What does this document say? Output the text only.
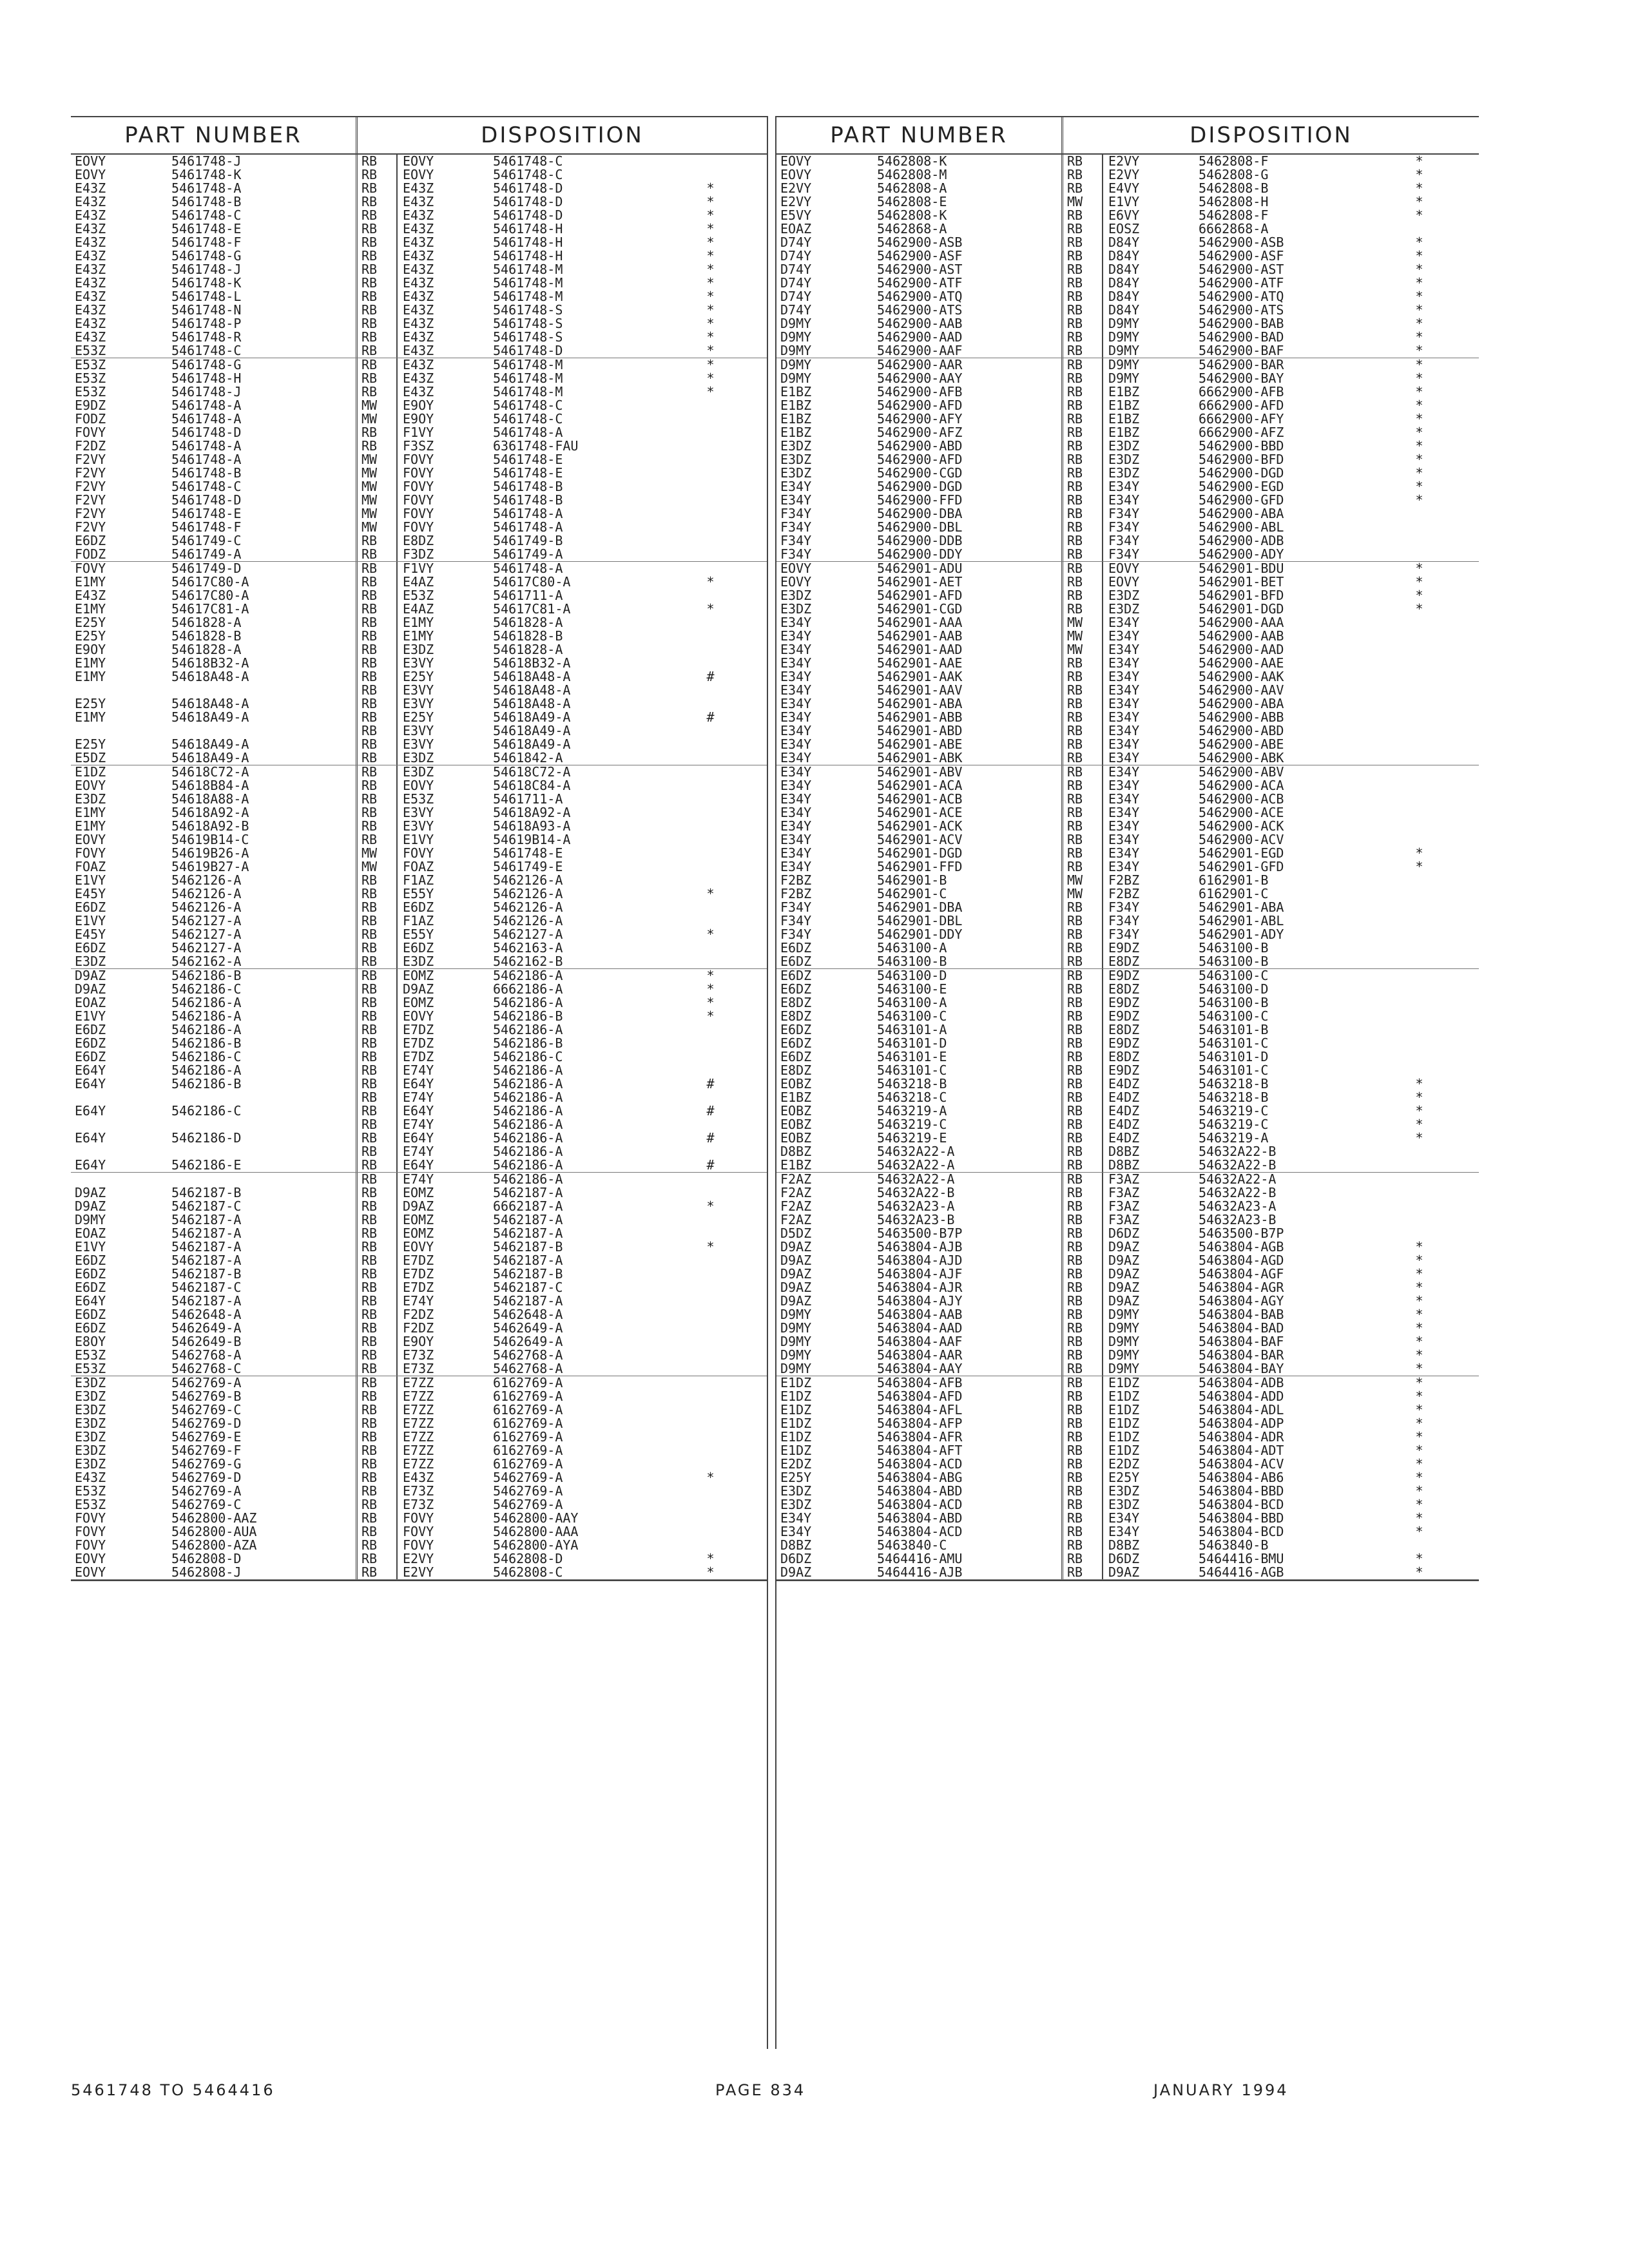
PART NUMBER	DISPOSITION
EOVY	5461748-J	RB	EOVY	5461748-C
EOVY	5461748-K	RB	EOVY	5461748-C
E43Z	5461748-A	RB	E43Z	5461748-D	*
E43Z	5461748-B	RB	E43Z	5461748-D	*
E43Z	5461748-C	RB	E43Z	5461748-D	*
E43Z	5461748-E	RB	E43Z	5461748-H	*
E43Z	5461748-F	RB	E43Z	5461748-H	*
E43Z	5461748-G	RB	E43Z	5461748-H	*
E43Z	5461748-J	RB	E43Z	5461748-M	*
E43Z	5461748-K	RB	E43Z	5461748-M	*
E43Z	5461748-L	RB	E43Z	5461748-M	*
E43Z	5461748-N	RB	E43Z	5461748-S	*
E43Z	5461748-P	RB	E43Z	5461748-S	*
E43Z	5461748-R	RB	E43Z	5461748-S	*
E53Z	5461748-C	RB	E43Z	5461748-D	*
E53Z	5461748-G	RB	E43Z	5461748-M	*
E53Z	5461748-H	RB	E43Z	5461748-M	*
E53Z	5461748-J	RB	E43Z	5461748-M	*
E9DZ	5461748-A	MW	E9OY	5461748-C
FODZ	5461748-A	MW	E9OY	5461748-C
FOVY	5461748-D	RB	F1VY	5461748-A
F2DZ	5461748-A	RB	F3SZ	6361748-FAU
F2VY	5461748-A	MW	FOVY	5461748-E
F2VY	5461748-B	MW	FOVY	5461748-E
F2VY	5461748-C	MW	FOVY	5461748-B
F2VY	5461748-D	MW	FOVY	5461748-B
F2VY	5461748-E	MW	FOVY	5461748-A
F2VY	5461748-F	MW	FOVY	5461748-A
E6DZ	5461749-C	RB	E8DZ	5461749-B
FODZ	5461749-A	RB	F3DZ	5461749-A
FOVY	5461749-D	RB	F1VY	5461748-A
E1MY	54617C80-A	RB	E4AZ	54617C80-A	*
E43Z	54617C80-A	RB	E53Z	5461711-A
E1MY	54617C81-A	RB	E4AZ	54617C81-A	*
E25Y	5461828-A	RB	E1MY	5461828-A
E25Y	5461828-B	RB	E1MY	5461828-B
E9OY	5461828-A	RB	E3DZ	5461828-A
E1MY	54618B32-A	RB	E3VY	54618B32-A
E1MY	54618A48-A	RB	E25Y	54618A48-A	#
RB	E3VY	54618A48-A
E25Y	54618A48-A	RB	E3VY	54618A48-A
E1MY	54618A49-A	RB	E25Y	54618A49-A	#
RB	E3VY	54618A49-A
E25Y	54618A49-A	RB	E3VY	54618A49-A
E5DZ	54618A49-A	RB	E3DZ	5461842-A
E1DZ	54618C72-A	RB	E3DZ	54618C72-A
EOVY	54618B84-A	RB	EOVY	54618C84-A
E3DZ	54618A88-A	RB	E53Z	5461711-A
E1MY	54618A92-A	RB	E3VY	54618A92-A
E1MY	54618A92-B	RB	E3VY	54618A93-A
EOVY	54619B14-C	RB	E1VY	54619B14-A
FOVY	54619B26-A	MW	FOVY	5461748-E
FOAZ	54619B27-A	MW	FOAZ	5461749-E
E1VY	5462126-A	RB	F1AZ	5462126-A
E45Y	5462126-A	RB	E55Y	5462126-A	*
E6DZ	5462126-A	RB	E6DZ	5462126-A
E1VY	5462127-A	RB	F1AZ	5462126-A
E45Y	5462127-A	RB	E55Y	5462127-A	*
E6DZ	5462127-A	RB	E6DZ	5462163-A
E3DZ	5462162-A	RB	E3DZ	5462162-B
D9AZ	5462186-B	RB	EOMZ	5462186-A	*
D9AZ	5462186-C	RB	D9AZ	6662186-A	*
EOAZ	5462186-A	RB	EOMZ	5462186-A	*
E1VY	5462186-A	RB	EOVY	5462186-B	*
E6DZ	5462186-A	RB	E7DZ	5462186-A
E6DZ	5462186-B	RB	E7DZ	5462186-B
E6DZ	5462186-C	RB	E7DZ	5462186-C
E64Y	5462186-A	RB	E74Y	5462186-A
E64Y	5462186-B	RB	E64Y	5462186-A	#
RB	E74Y	5462186-A
E64Y	5462186-C	RB	E64Y	5462186-A	#
RB	E74Y	5462186-A
E64Y	5462186-D	RB	E64Y	5462186-A	#
RB	E74Y	5462186-A
E64Y	5462186-E	RB	E64Y	5462186-A	#
RB	E74Y	5462186-A
D9AZ	5462187-B	RB	EOMZ	5462187-A
D9AZ	5462187-C	RB	D9AZ	6662187-A	*
D9MY	5462187-A	RB	EOMZ	5462187-A
EOAZ	5462187-A	RB	EOMZ	5462187-A
E1VY	5462187-A	RB	EOVY	5462187-B	*
E6DZ	5462187-A	RB	E7DZ	5462187-A
E6DZ	5462187-B	RB	E7DZ	5462187-B
E6DZ	5462187-C	RB	E7DZ	5462187-C
E64Y	5462187-A	RB	E74Y	5462187-A
E6DZ	5462648-A	RB	F2DZ	5462648-A
E6DZ	5462649-A	RB	F2DZ	5462649-A
E8OY	5462649-B	RB	E9OY	5462649-A
E53Z	5462768-A	RB	E73Z	5462768-A
E53Z	5462768-C	RB	E73Z	5462768-A
E3DZ	5462769-A	RB	E7ZZ	6162769-A
E3DZ	5462769-B	RB	E7ZZ	6162769-A
E3DZ	5462769-C	RB	E7ZZ	6162769-A
E3DZ	5462769-D	RB	E7ZZ	6162769-A
E3DZ	5462769-E	RB	E7ZZ	6162769-A
E3DZ	5462769-F	RB	E7ZZ	6162769-A
E3DZ	5462769-G	RB	E7ZZ	6162769-A
E43Z	5462769-D	RB	E43Z	5462769-A	*
E53Z	5462769-A	RB	E73Z	5462769-A
E53Z	5462769-C	RB	E73Z	5462769-A
FOVY	5462800-AAZ	RB	FOVY	5462800-AAY
FOVY	5462800-AUA	RB	FOVY	5462800-AAA
FOVY	5462800-AZA	RB	FOVY	5462800-AYA
EOVY	5462808-D	RB	E2VY	5462808-D	*
EOVY	5462808-J	RB	E2VY	5462808-C	*
PART NUMBER	DISPOSITION
EOVY	5462808-K	RB	E2VY	5462808-F	*
EOVY	5462808-M	RB	E2VY	5462808-G	*
E2VY	5462808-A	RB	E4VY	5462808-B	*
E2VY	5462808-E	MW	E1VY	5462808-H	*
E5VY	5462808-K	RB	E6VY	5462808-F	*
EOAZ	5462868-A	RB	EOSZ	6662868-A
D74Y	5462900-ASB	RB	D84Y	5462900-ASB	*
D74Y	5462900-ASF	RB	D84Y	5462900-ASF	*
D74Y	5462900-AST	RB	D84Y	5462900-AST	*
D74Y	5462900-ATF	RB	D84Y	5462900-ATF	*
D74Y	5462900-ATQ	RB	D84Y	5462900-ATQ	*
D74Y	5462900-ATS	RB	D84Y	5462900-ATS	*
D9MY	5462900-AAB	RB	D9MY	5462900-BAB	*
D9MY	5462900-AAD	RB	D9MY	5462900-BAD	*
D9MY	5462900-AAF	RB	D9MY	5462900-BAF	*
D9MY	5462900-AAR	RB	D9MY	5462900-BAR	*
D9MY	5462900-AAY	RB	D9MY	5462900-BAY	*
E1BZ	5462900-AFB	RB	E1BZ	6662900-AFB	*
E1BZ	5462900-AFD	RB	E1BZ	6662900-AFD	*
E1BZ	5462900-AFY	RB	E1BZ	6662900-AFY	*
E1BZ	5462900-AFZ	RB	E1BZ	6662900-AFZ	*
E3DZ	5462900-ABD	RB	E3DZ	5462900-BBD	*
E3DZ	5462900-AFD	RB	E3DZ	5462900-BFD	*
E3DZ	5462900-CGD	RB	E3DZ	5462900-DGD	*
E34Y	5462900-DGD	RB	E34Y	5462900-EGD	*
E34Y	5462900-FFD	RB	E34Y	5462900-GFD	*
F34Y	5462900-DBA	RB	F34Y	5462900-ABA
F34Y	5462900-DBL	RB	F34Y	5462900-ABL
F34Y	5462900-DDB	RB	F34Y	5462900-ADB
F34Y	5462900-DDY	RB	F34Y	5462900-ADY
EOVY	5462901-ADU	RB	EOVY	5462901-BDU	*
EOVY	5462901-AET	RB	EOVY	5462901-BET	*
E3DZ	5462901-AFD	RB	E3DZ	5462901-BFD	*
E3DZ	5462901-CGD	RB	E3DZ	5462901-DGD	*
E34Y	5462901-AAA	MW	E34Y	5462900-AAA
E34Y	5462901-AAB	MW	E34Y	5462900-AAB
E34Y	5462901-AAD	MW	E34Y	5462900-AAD
E34Y	5462901-AAE	RB	E34Y	5462900-AAE
E34Y	5462901-AAK	RB	E34Y	5462900-AAK
E34Y	5462901-AAV	RB	E34Y	5462900-AAV
E34Y	5462901-ABA	RB	E34Y	5462900-ABA
E34Y	5462901-ABB	RB	E34Y	5462900-ABB
E34Y	5462901-ABD	RB	E34Y	5462900-ABD
E34Y	5462901-ABE	RB	E34Y	5462900-ABE
E34Y	5462901-ABK	RB	E34Y	5462900-ABK
E34Y	5462901-ABV	RB	E34Y	5462900-ABV
E34Y	5462901-ACA	RB	E34Y	5462900-ACA
E34Y	5462901-ACB	RB	E34Y	5462900-ACB
E34Y	5462901-ACE	RB	E34Y	5462900-ACE
E34Y	5462901-ACK	RB	E34Y	5462900-ACK
E34Y	5462901-ACV	RB	E34Y	5462900-ACV
E34Y	5462901-DGD	RB	E34Y	5462901-EGD	*
E34Y	5462901-FFD	RB	E34Y	5462901-GFD	*
F2BZ	5462901-B	MW	F2BZ	6162901-B
F2BZ	5462901-C	MW	F2BZ	6162901-C
F34Y	5462901-DBA	RB	F34Y	5462901-ABA
F34Y	5462901-DBL	RB	F34Y	5462901-ABL
F34Y	5462901-DDY	RB	F34Y	5462901-ADY
E6DZ	5463100-A	RB	E9DZ	5463100-B
E6DZ	5463100-B	RB	E8DZ	5463100-B
E6DZ	5463100-D	RB	E9DZ	5463100-C
E6DZ	5463100-E	RB	E8DZ	5463100-D
E8DZ	5463100-A	RB	E9DZ	5463100-B
E8DZ	5463100-C	RB	E9DZ	5463100-C
E6DZ	5463101-A	RB	E8DZ	5463101-B
E6DZ	5463101-D	RB	E9DZ	5463101-C
E6DZ	5463101-E	RB	E8DZ	5463101-D
E8DZ	5463101-C	RB	E9DZ	5463101-C
EOBZ	5463218-B	RB	E4DZ	5463218-B	*
E1BZ	5463218-C	RB	E4DZ	5463218-B	*
EOBZ	5463219-A	RB	E4DZ	5463219-C	*
EOBZ	5463219-C	RB	E4DZ	5463219-C	*
EOBZ	5463219-E	RB	E4DZ	5463219-A	*
D8BZ	54632A22-A	RB	D8BZ	54632A22-B
E1BZ	54632A22-A	RB	D8BZ	54632A22-B
F2AZ	54632A22-A	RB	F3AZ	54632A22-A
F2AZ	54632A22-B	RB	F3AZ	54632A22-B
F2AZ	54632A23-A	RB	F3AZ	54632A23-A
F2AZ	54632A23-B	RB	F3AZ	54632A23-B
D5DZ	5463500-B7P	RB	D6DZ	5463500-B7P
D9AZ	5463804-AJB	RB	D9AZ	5463804-AGB	*
D9AZ	5463804-AJD	RB	D9AZ	5463804-AGD	*
D9AZ	5463804-AJF	RB	D9AZ	5463804-AGF	*
D9AZ	5463804-AJR	RB	D9AZ	5463804-AGR	*
D9AZ	5463804-AJY	RB	D9AZ	5463804-AGY	*
D9MY	5463804-AAB	RB	D9MY	5463804-BAB	*
D9MY	5463804-AAD	RB	D9MY	5463804-BAD	*
D9MY	5463804-AAF	RB	D9MY	5463804-BAF	*
D9MY	5463804-AAR	RB	D9MY	5463804-BAR	*
D9MY	5463804-AAY	RB	D9MY	5463804-BAY	*
E1DZ	5463804-AFB	RB	E1DZ	5463804-ADB	*
E1DZ	5463804-AFD	RB	E1DZ	5463804-ADD	*
E1DZ	5463804-AFL	RB	E1DZ	5463804-ADL	*
E1DZ	5463804-AFP	RB	E1DZ	5463804-ADP	*
E1DZ	5463804-AFR	RB	E1DZ	5463804-ADR	*
E1DZ	5463804-AFT	RB	E1DZ	5463804-ADT	*
E2DZ	5463804-ACD	RB	E2DZ	5463804-ACV	*
E25Y	5463804-ABG	RB	E25Y	5463804-AB6	*
E3DZ	5463804-ABD	RB	E3DZ	5463804-BBD	*
E3DZ	5463804-ACD	RB	E3DZ	5463804-BCD	*
E34Y	5463804-ABD	RB	E34Y	5463804-BBD	*
E34Y	5463804-ACD	RB	E34Y	5463804-BCD	*
D8BZ	5463840-C	RB	D8BZ	5463840-B
D6DZ	5464416-AMU	RB	D6DZ	5464416-BMU	*
D9AZ	5464416-AJB	RB	D9AZ	5464416-AGB	*
5461748 TO 5464416	PAGE 834	JANUARY 1994
